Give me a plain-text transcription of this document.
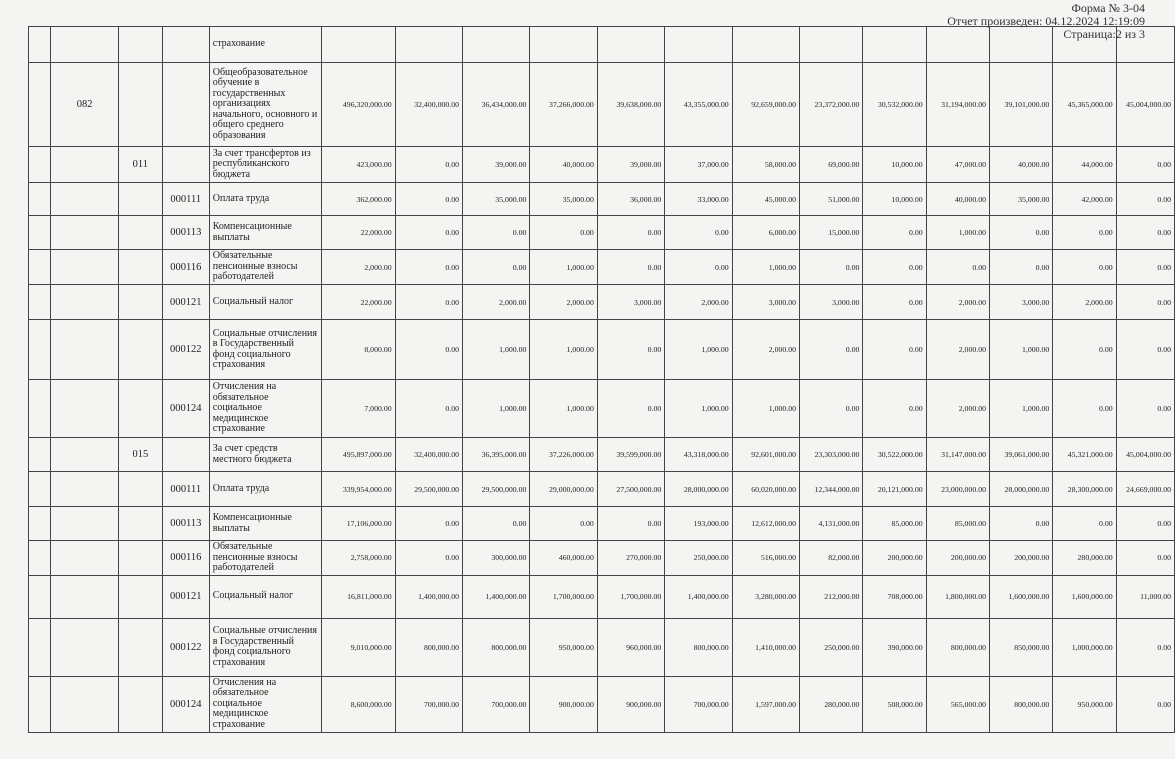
Форма № 3-04
Отчет произведен: 04.12.2024 12:19:09
Страница:2 из 3
				страхование													
	082			Общеобразовательное обучение в государственных организациях начального, основного и общего среднего образования	496,320,000.00	32,400,000.00	36,434,000.00	37,266,000.00	39,638,000.00	43,355,000.00	92,659,000.00	23,372,000.00	30,532,000.00	31,194,000.00	39,101,000.00	45,365,000.00	45,004,000.00
		011		За счет трансфертов из республиканского бюджета	423,000.00	0.00	39,000.00	40,000.00	39,000.00	37,000.00	58,000.00	69,000.00	10,000.00	47,000.00	40,000.00	44,000.00	0.00
			000111	Оплата труда	362,000.00	0.00	35,000.00	35,000.00	36,000.00	33,000.00	45,000.00	51,000.00	10,000.00	40,000.00	35,000.00	42,000.00	0.00
			000113	Компенсационные выплаты	22,000.00	0.00	0.00	0.00	0.00	0.00	6,000.00	15,000.00	0.00	1,000.00	0.00	0.00	0.00
			000116	Обязательные пенсионные взносы работодателей	2,000.00	0.00	0.00	1,000.00	0.00	0.00	1,000.00	0.00	0.00	0.00	0.00	0.00	0.00
			000121	Социальный налог	22,000.00	0.00	2,000.00	2,000.00	3,000.00	2,000.00	3,000.00	3,000.00	0.00	2,000.00	3,000.00	2,000.00	0.00
			000122	Социальные отчисления в Государственный фонд социального страхования	8,000.00	0.00	1,000.00	1,000.00	0.00	1,000.00	2,000.00	0.00	0.00	2,000.00	1,000.00	0.00	0.00
			000124	Отчисления на обязательное социальное медицинское страхование	7,000.00	0.00	1,000.00	1,000.00	0.00	1,000.00	1,000.00	0.00	0.00	2,000.00	1,000.00	0.00	0.00
		015		За счет средств местного бюджета	495,897,000.00	32,400,000.00	36,395,000.00	37,226,000.00	39,599,000.00	43,318,000.00	92,601,000.00	23,303,000.00	30,522,000.00	31,147,000.00	39,061,000.00	45,321,000.00	45,004,000.00
			000111	Оплата труда	339,954,000.00	29,500,000.00	29,500,000.00	29,000,000.00	27,500,000.00	28,000,000.00	60,020,000.00	12,344,000.00	20,121,000.00	23,000,000.00	28,000,000.00	28,300,000.00	24,669,000.00
			000113	Компенсационные выплаты	17,106,000.00	0.00	0.00	0.00	0.00	193,000.00	12,612,000.00	4,131,000.00	85,000.00	85,000.00	0.00	0.00	0.00
			000116	Обязательные пенсионные взносы работодателей	2,758,000.00	0.00	300,000.00	460,000.00	270,000.00	250,000.00	516,000.00	82,000.00	200,000.00	200,000.00	200,000.00	280,000.00	0.00
			000121	Социальный налог	16,811,000.00	1,400,000.00	1,400,000.00	1,700,000.00	1,700,000.00	1,400,000.00	3,280,000.00	212,000.00	708,000.00	1,800,000.00	1,600,000.00	1,600,000.00	11,000.00
			000122	Социальные отчисления в Государственный фонд социального страхования	9,010,000.00	800,000.00	800,000.00	950,000.00	960,000.00	800,000.00	1,410,000.00	250,000.00	390,000.00	800,000.00	850,000.00	1,000,000.00	0.00
			000124	Отчисления на обязательное социальное медицинское страхование	8,600,000.00	700,000.00	700,000.00	900,000.00	900,000.00	700,000.00	1,597,000.00	280,000.00	508,000.00	565,000.00	800,000.00	950,000.00	0.00
